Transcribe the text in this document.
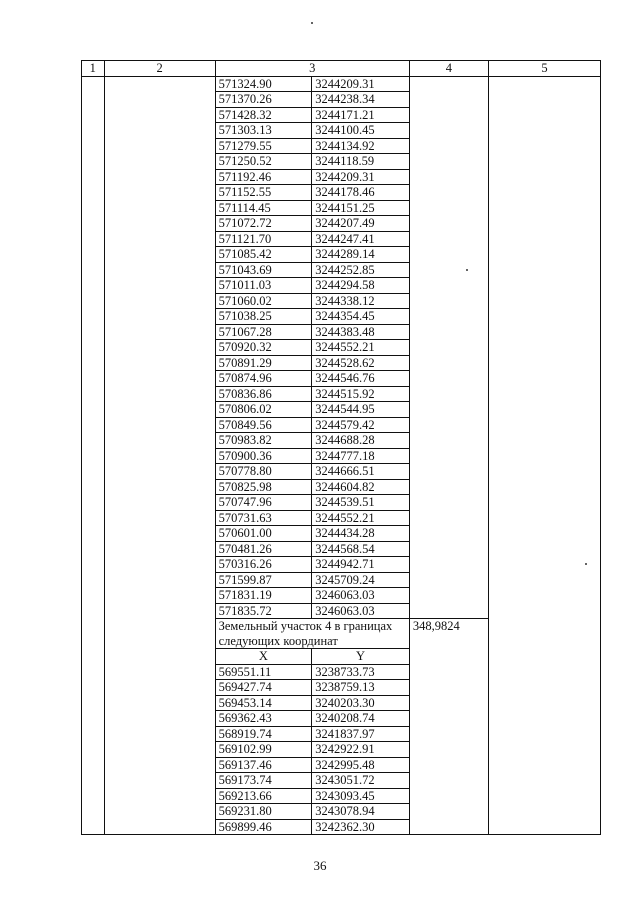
1	2	3		4	5
		571324.90	3244209.31		
		571370.26	3244238.34		
		571428.32	3244171.21		
		571303.13	3244100.45		
		571279.55	3244134.92		
		571250.52	3244118.59		
		571192.46	3244209.31		
		571152.55	3244178.46		
		571114.45	3244151.25		
		571072.72	3244207.49		
		571121.70	3244247.41		
		571085.42	3244289.14		
		571043.69	3244252.85		
		571011.03	3244294.58		
		571060.02	3244338.12		
		571038.25	3244354.45		
		571067.28	3244383.48		
		570920.32	3244552.21		
		570891.29	3244528.62		
		570874.96	3244546.76		
		570836.86	3244515.92		
		570806.02	3244544.95		
		570849.56	3244579.42		
		570983.82	3244688.28		
		570900.36	3244777.18		
		570778.80	3244666.51		
		570825.98	3244604.82		
		570747.96	3244539.51		
		570731.63	3244552.21		
		570601.00	3244434.28		
		570481.26	3244568.54		
		570316.26	3244942.71		
		571599.87	3245709.24		
		571831.19	3246063.03		
		571835.72	3246063.03		
		Земельный участок 4 в границах следующих координат		348,9824	
		X	Y		
		569551.11	3238733.73		
		569427.74	3238759.13		
		569453.14	3240203.30		
		569362.43	3240208.74		
		568919.74	3241837.97		
		569102.99	3242922.91		
		569137.46	3242995.48		
		569173.74	3243051.72		
		569213.66	3243093.45		
		569231.80	3243078.94		
		569899.46	3242362.30		
36
